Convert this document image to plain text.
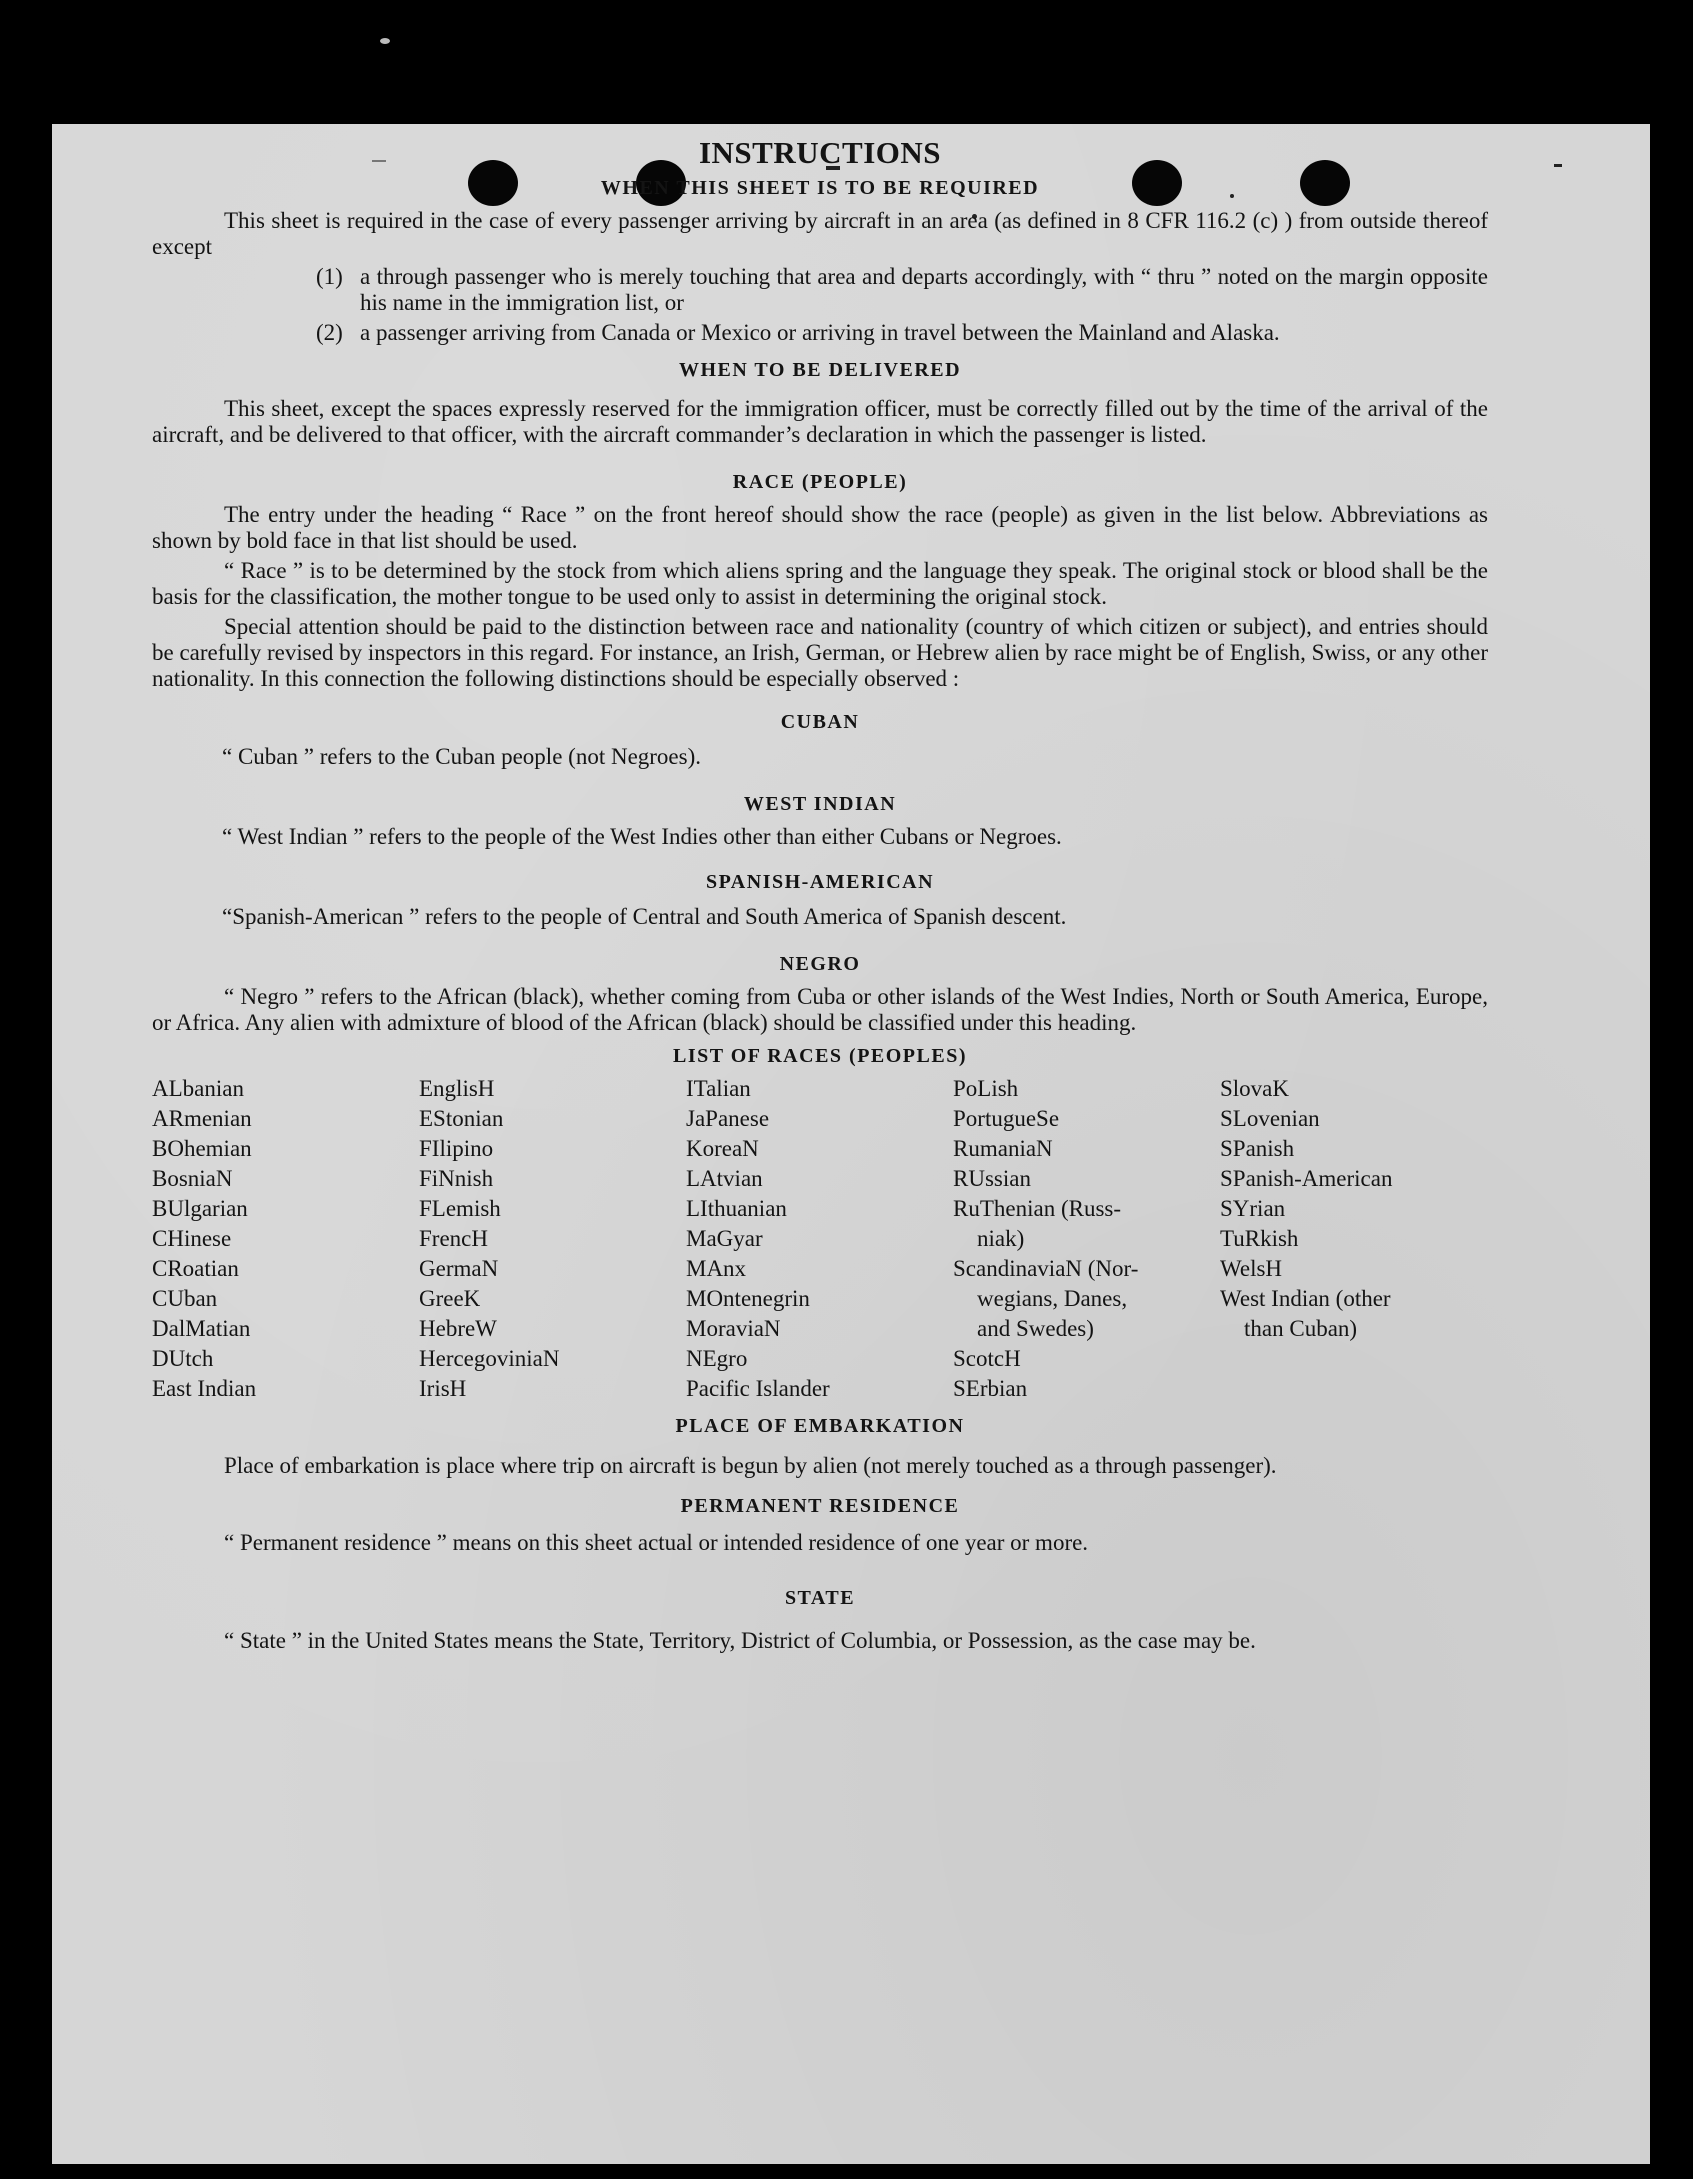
INSTRUCTIONS
WHEN THIS SHEET IS TO BE REQUIRED

This sheet is required in the case of every passenger arriving by aircraft in an area (as defined in 8 CFR 116.2 (c) ) from outside thereof except

(1) a through passenger who is merely touching that area and departs accordingly, with “ thru ” noted on the margin opposite his name in the immigration list, or
(2) a passenger arriving from Canada or Mexico or arriving in travel between the Mainland and Alaska.
WHEN TO BE DELIVERED

This sheet, except the spaces expressly reserved for the immigration officer, must be correctly filled out by the time of the arrival of the aircraft, and be delivered to that officer, with the aircraft commander’s declaration in which the passenger is listed.

RACE (PEOPLE)

The entry under the heading “ Race ” on the front hereof should show the race (people) as given in the list below. Abbreviations as shown by bold face in that list should be used.

“ Race ” is to be determined by the stock from which aliens spring and the language they speak. The original stock or blood shall be the basis for the classification, the mother tongue to be used only to assist in determining the original stock.

Special attention should be paid to the distinction between race and nationality (country of which citizen or subject), and entries should be carefully revised by inspectors in this regard. For instance, an Irish, German, or Hebrew alien by race might be of English, Swiss, or any other nationality. In this connection the following distinctions should be especially observed :

CUBAN

“ Cuban ” refers to the Cuban people (not Negroes).

WEST INDIAN

“ West Indian ” refers to the people of the West Indies other than either Cubans or Negroes.

SPANISH-AMERICAN

“Spanish-American ” refers to the people of Central and South America of Spanish descent.

NEGRO

“ Negro ” refers to the African (black), whether coming from Cuba or other islands of the West Indies, North or South America, Europe, or Africa. Any alien with admixture of blood of the African (black) should be classified under this heading.

LIST OF RACES (PEOPLES)
ALbanian
ARmenian
BOhemian
BosniaN
BUlgarian
CHinese
CRoatian
CUban
DalMatian
DUtch
East Indian
EnglisH
EStonian
FIlipino
FiNnish
FLemish
FrencH
GermaN
GreeK
HebreW
HercegoviniaN
IrisH
ITalian
JaPanese
KoreaN
LAtvian
LIthuanian
MaGyar
MAnx
MOntenegrin
MoraviaN
NEgro
Pacific Islander
PoLish
PortugueSe
RumaniaN
RUssian
RuThenian (Russ-
niak)
ScandinaviaN (Nor-
wegians, Danes,
and Swedes)
ScotcH
SErbian
SlovaK
SLovenian
SPanish
SPanish-American
SYrian
TuRkish
WelsH
West Indian (other
than Cuban)
PLACE OF EMBARKATION

Place of embarkation is place where trip on aircraft is begun by alien (not merely touched as a through passenger).

PERMANENT RESIDENCE

“ Permanent residence ” means on this sheet actual or intended residence of one year or more.

STATE

“ State ” in the United States means the State, Territory, District of Columbia, or Possession, as the case may be.
